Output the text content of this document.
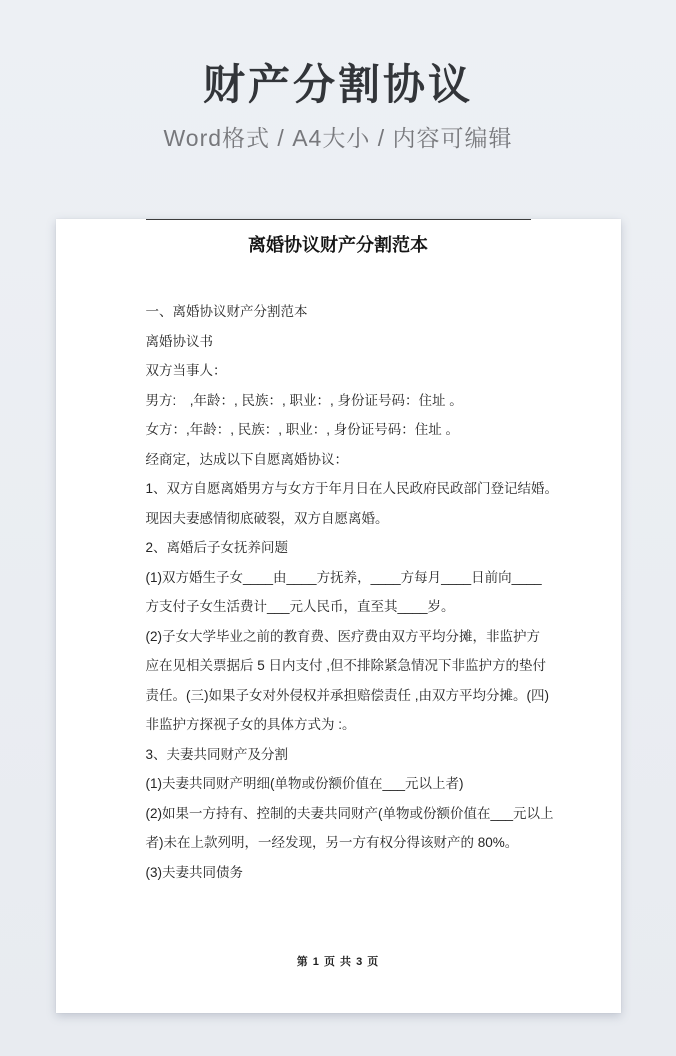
财产分割协议
Word格式 / A4大小 / 内容可编辑
离婚协议财产分割范本
一、离婚协议财产分割范本
离婚协议书
双方当事人：
男方:　,年龄：, 民族：, 职业：, 身份证号码：住址 。
女方：,年龄：, 民族：, 职业：, 身份证号码：住址 。
经商定，达成以下自愿离婚协议：
1、双方自愿离婚男方与女方于年月日在人民政府民政部门登记结婚。
现因夫妻感情彻底破裂，双方自愿离婚。
2、离婚后子女抚养问题
(1)双方婚生子女____由____方抚养，____方每月____日前向____
方支付子女生活费计___元人民币，直至其____岁。
(2)子女大学毕业之前的教育费、医疗费由双方平均分摊，非监护方
应在见相关票据后 5 日内支付 ,但不排除紧急情况下非监护方的垫付
责任。(三)如果子女对外侵权并承担赔偿责任 ,由双方平均分摊。(四)
非监护方探视子女的具体方式为 :。
3、夫妻共同财产及分割
(1)夫妻共同财产明细(单物或份额价值在___元以上者)
(2)如果一方持有、控制的夫妻共同财产(单物或份额价值在___元以上
者)未在上款列明，一经发现，另一方有权分得该财产的 80%。
(3)夫妻共同债务
第 1 页 共 3 页
